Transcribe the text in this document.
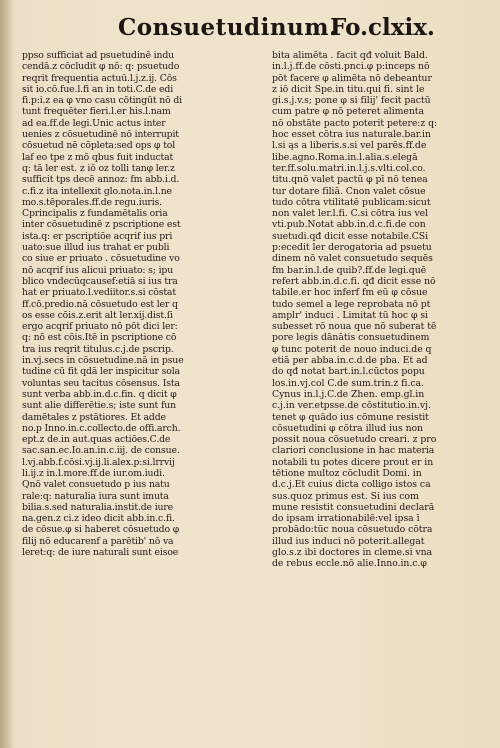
Consuetudinum.
Fo.clxix.
ppso sufficiat ad psuetudinē indu
cendā.z cōcludit φ nō: q: psuetudo
reqrit frequentia actuū.l.j.z.ij. Cōs
sit io.cō.fue.l.fi an in toti.C.de edi
fi.p:i.z ea φ vno casu cōtingūt nō di
tunt frequēter fieri.l.er his.l.nam
ad ea.ff.de legi.Unic actus inter
uenies z cōsuetudinē nō interrupit
cōsuetud nē cōpleta:sed ops φ tol
laf eo tpe z mō qbus fuit inductat
q: tā ler est. z iō oz tolli tanφ ler.z
sufficit tps decē annoz: fm abb.i.d.
c.fi.z ita intellexit glo.nota.in.l.ne
mo.s.tēporales.ff.de regu.iuris.
Cprincipalis z fundamētalis oria
inter cōsuetudinē z pscriptione est
ista.q: er pscriptiōe acqrif ius pri
uato:sue illud ius trahat er publi
co siue er priuato . cōsuetudine vo
nō acqrif ius alicui priuato: s; ipu
blico vndecūqcausef:etiā si ius tra
hat er priuato.l.vediitor.s.si cōstat
ff.cō.predio.nā cōsuetudo est ler q
os esse cōis.z.erit alt ler.xij.dist.ſi
ergo acqrif priuato nō pōt dici ler:
q: nō est cōis.Itē in pscriptione cō
tra ius reqrit titulus.c.j.de pscrip.
in.vj.secs in cōsuetudine.nā in psue
tudine cū fit qdā ler inspicitur sola
voluntas seu tacitus cōsensus. Ista
sunt verba abb.in.d.c.fin. q dicit φ
sunt alie differētie.s; iste sunt fun
damētales z pstātiores. Et adde
no.p Inno.in.c.collecto.de offi.arch.
ept.z de.in aut.quas actiōes.C.de
sac.san.ec.Io.an.in.c.iij. de consue.
l.vj.abb.f.cōsi.vj.ij.li.alex.p:si.lrrvij
li.ij.z in.l.more.ff.de iur.om.iudi.
Qnō valet consuetudo p ius natu
rale:q: naturalia iura sunt imuta
bilia.s.sed naturalia.instit.de iure
na.gen.z ci.z ideo dicit abb.in.c.fi.
de cōsue.φ si haberet cōsuetudo φ
filij nō educarenf a parētib' nō va
leret:q: de iure naturali sunt eisoe
bita alimēta . facit qđ voluit Bald.
in.l.j.ff.de cōsti.pnci.φ p:inceps nō
pōt facere φ alimēta nō debeantur
z iō dicit Spe.in titu.qui fi. sint le
gi.s.j.v.s; pone φ si filij' fecit pactū
cum patre φ nō peteret alimenta
nō obstāte pacto poterit petere:z q:
hoc esset cōtra ius naturale.bar.in
l.si ąs a liberis.s.si vel parēs.ff.de
libe.agno.Roma.in.l.alia.s.elegā
ter.ff.solu.matri.in.l.j.s.vlti.col.co.
titu.qnō valet pactū φ pī nō tenea
tur dotare filiā. Cnon valet cōsue
tudo cōtra vtilitatē publicam:sicut
non valet ler.l.fi. C.si cōtra ius vel
vti.pub.Notat abb.in.d.c.fi.de con
suetudi.qđ dicit esse notabile.CSi
p:ecedit ler derogatoria ad psuetu
dinem nō valet consuetudo sequēs
fm bar.in.l.de quib?.ff.de legi.quē
refert abb.in.d.c.fi. qđ dicit esse nō
tabile.er hoc inferf fm eū φ cōsue
tudo semel a lege reprobata nō pt
amplr' induci . Limitat tū hoc φ si
subesset rō noua que nō suberat tē
pore legis dānātis consuetudinem
φ tunc poterit de nouo induci.de q
etiā per abba.in.c.d.de pba. Et ad
do qđ notat bart.in.l.cūctos popu
los.in.vj.col C.de sum.trin.z fi.ca.
Cynus in.l.j.C.de Zhen. emp.gl.in
c.j.in ver.etpsse.de cōstitutio.in.vj.
tenet φ quādo ius cōmune resistit
cōsuetudini φ cōtra illud ius non
possit noua cōsuetudo creari. z pro
clariori conclusione in hac materia
notabili tu potes dicere prout er in
tētione multoz cōcludit Domi. in
d.c.j.Et cuius dicta colligo istos ca
sus.quoz primus est. Si ius com
mune resistit consuetudini declarā
do ipsam irrationabilē:vel ipsa ī
probādo:tūc noua cōsuetudo cōtra
illud ius induci nō poterit.allegat
glo.s.z ibi doctores in cleme.si vna
de rebus eccle.nō alie.Inno.in.c.φ
